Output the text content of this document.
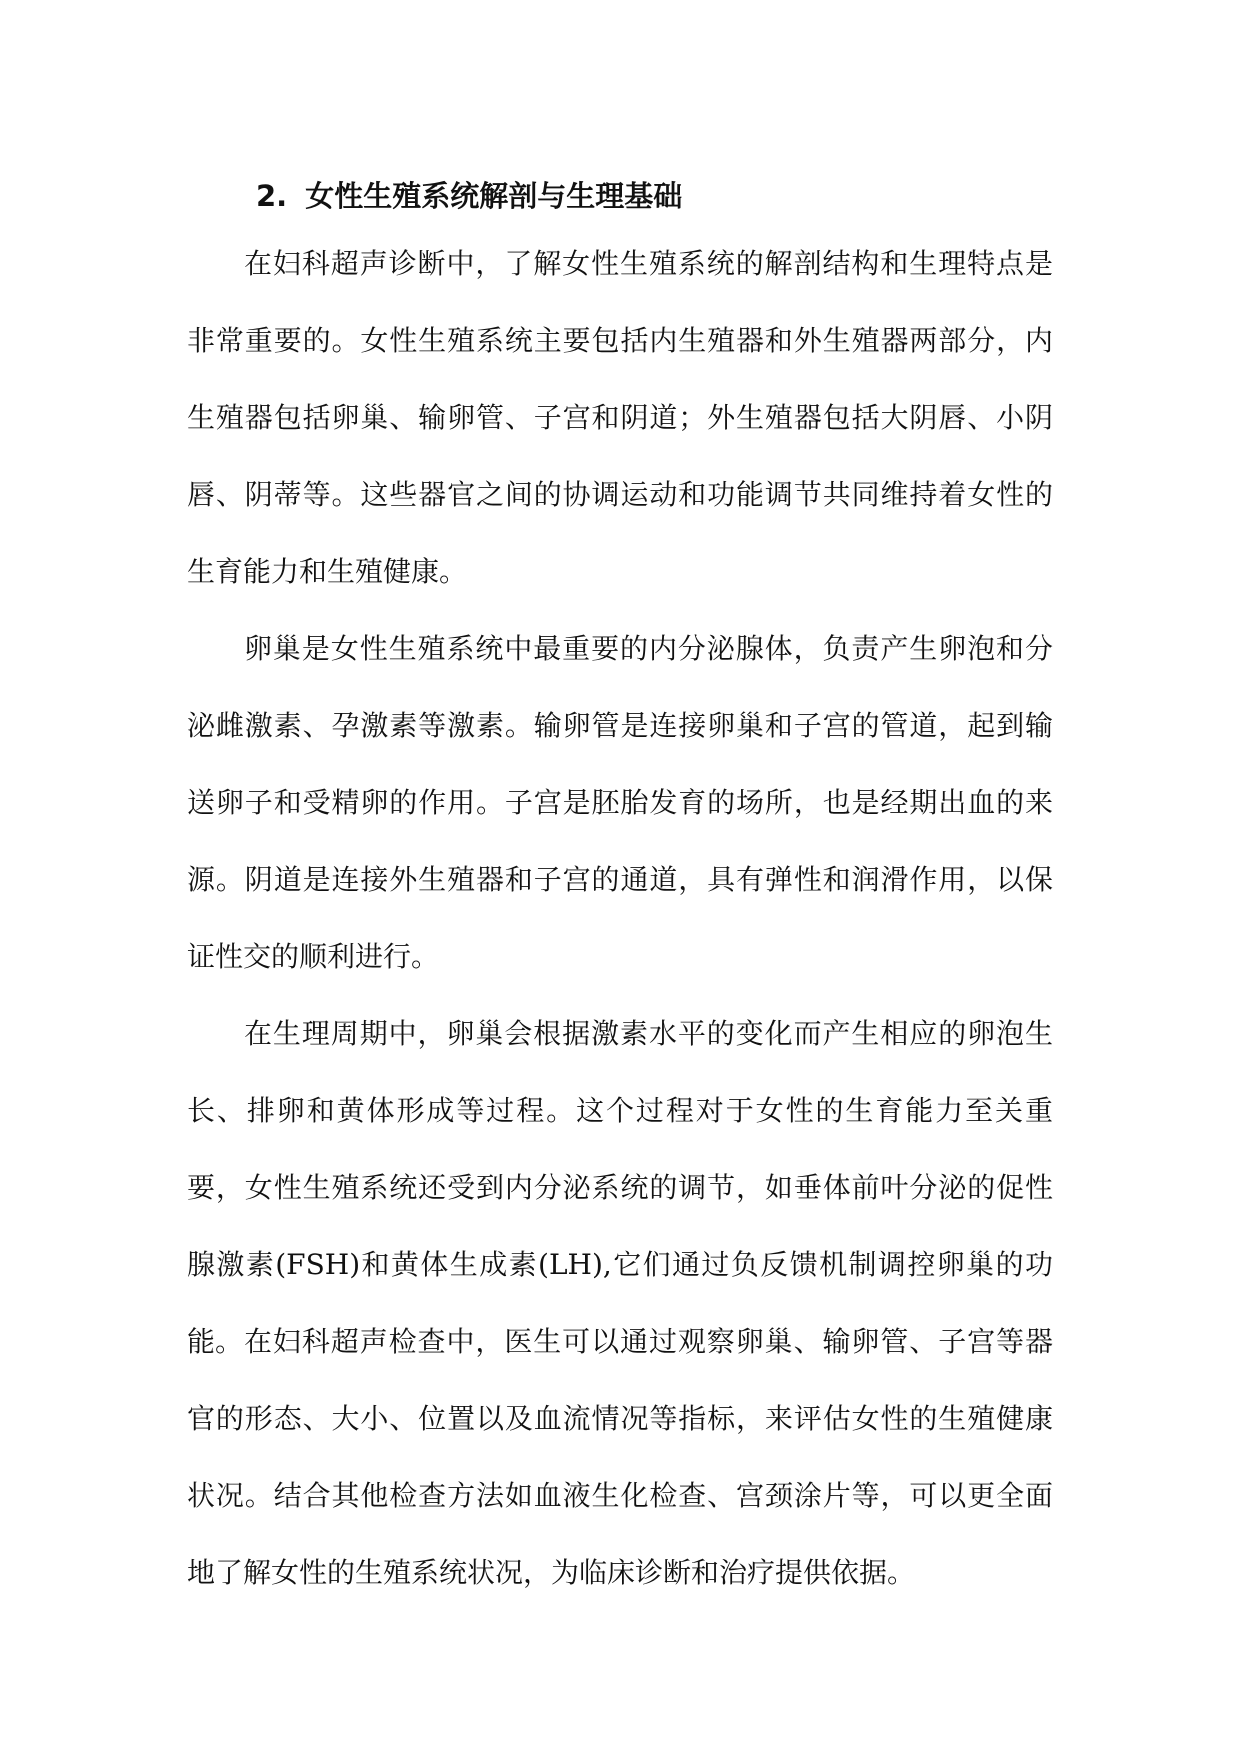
2. 女性生殖系统解剖与生理基础

在妇科超声诊断中，了解女性生殖系统的解剖结构和生理特点是非常重要的。女性生殖系统主要包括内生殖器和外生殖器两部分，内生殖器包括卵巢、输卵管、子宫和阴道；外生殖器包括大阴唇、小阴唇、阴蒂等。这些器官之间的协调运动和功能调节共同维持着女性的生育能力和生殖健康。

卵巢是女性生殖系统中最重要的内分泌腺体，负责产生卵泡和分泌雌激素、孕激素等激素。输卵管是连接卵巢和子宫的管道，起到输送卵子和受精卵的作用。子宫是胚胎发育的场所，也是经期出血的来源。阴道是连接外生殖器和子宫的通道，具有弹性和润滑作用，以保证性交的顺利进行。

在生理周期中，卵巢会根据激素水平的变化而产生相应的卵泡生长、排卵和黄体形成等过程。这个过程对于女性的生育能力至关重要，女性生殖系统还受到内分泌系统的调节，如垂体前叶分泌的促性腺激素(FSH)和黄体生成素(LH),它们通过负反馈机制调控卵巢的功能。 在妇科超声检查中，医生可以通过观察卵巢、输卵管、子宫等器官的形态、大小、位置以及血流情况等指标，来评估女性的生殖健康状况。结合其他检查方法如血液生化检查、宫颈涂片等，可以更全面地了解女性的生殖系统状况，为临床诊断和治疗提供依据。
